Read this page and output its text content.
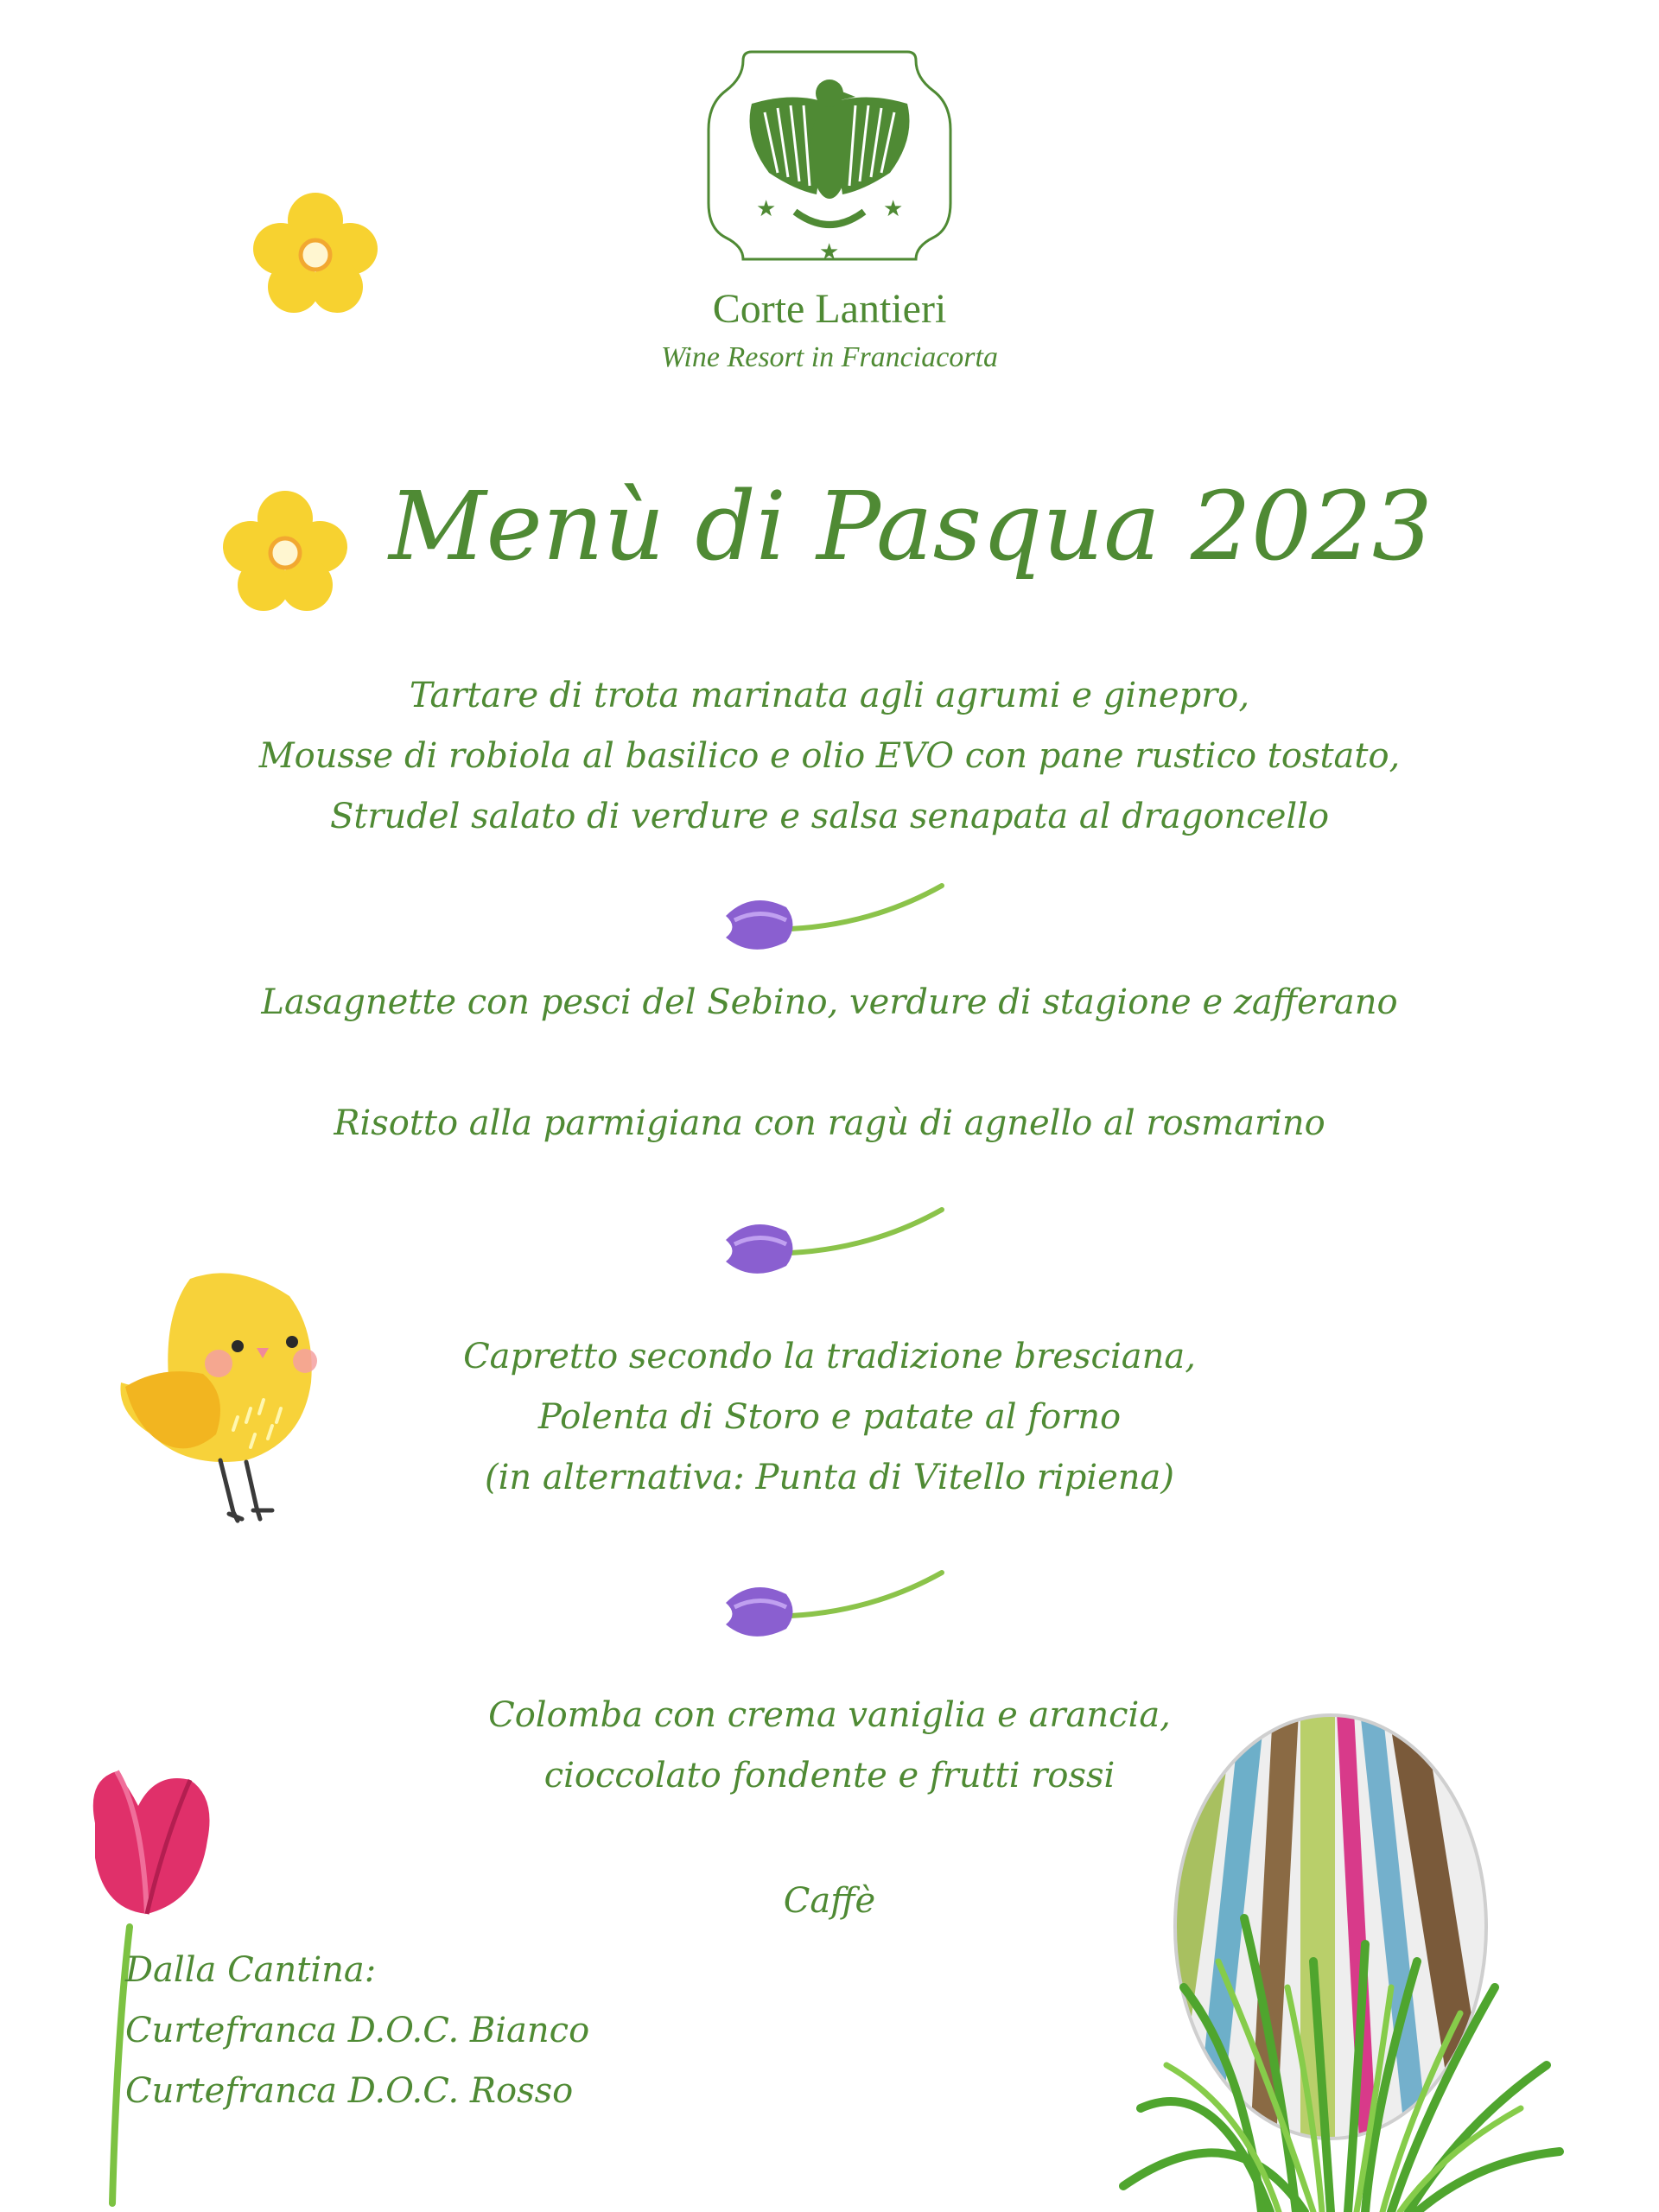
★	★
★
Corte Lantieri
Wine Resort in Franciacorta
Menù di Pasqua 2023
Tartare di trota marinata agli agrumi e ginepro,
Mousse di robiola al basilico e olio EVO con pane rustico tostato,
Strudel salato di verdure e salsa senapata al dragoncello
Lasagnette con pesci del Sebino, verdure di stagione e zafferano
Risotto alla parmigiana con ragù di agnello al rosmarino
Capretto secondo la tradizione bresciana,
Polenta di Storo e patate al forno
(in alternativa: Punta di Vitello ripiena)
Colomba con crema vaniglia e arancia,
cioccolato fondente e frutti rossi
Caffè
Dalla Cantina:
Curtefranca D.O.C. Bianco
Curtefranca D.O.C. Rosso
